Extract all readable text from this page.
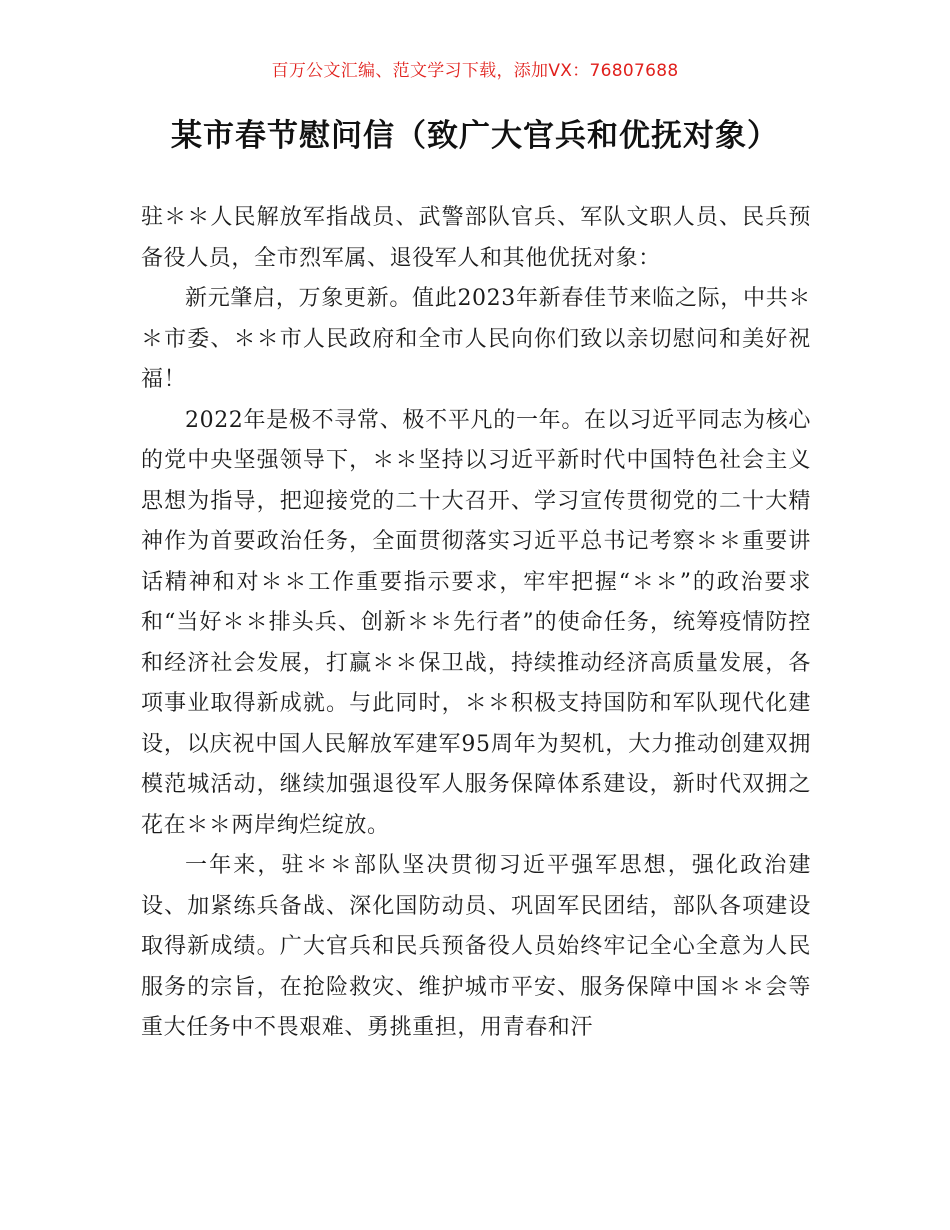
百万公文汇编、范文学习下载，添加VX：76807688
某市春节慰问信（致广大官兵和优抚对象）

驻＊＊人民解放军指战员、武警部队官兵、军队文职人员、民兵预备役人员，全市烈军属、退役军人和其他优抚对象：

新元肇启，万象更新。值此2023年新春佳节来临之际，中共＊＊市委、＊＊市人民政府和全市人民向你们致以亲切慰问和美好祝福！

2022年是极不寻常、极不平凡的一年。在以习近平同志为核心的党中央坚强领导下，＊＊坚持以习近平新时代中国特色社会主义思想为指导，把迎接党的二十大召开、学习宣传贯彻党的二十大精神作为首要政治任务，全面贯彻落实习近平总书记考察＊＊重要讲话精神和对＊＊工作重要指示要求，牢牢把握“＊＊”的政治要求和“当好＊＊排头兵、创新＊＊先行者”的使命任务，统筹疫情防控和经济社会发展，打赢＊＊保卫战，持续推动经济高质量发展，各项事业取得新成就。与此同时，＊＊积极支持国防和军队现代化建设，以庆祝中国人民解放军建军95周年为契机，大力推动创建双拥模范城活动，继续加强退役军人服务保障体系建设，新时代双拥之花在＊＊两岸绚烂绽放。

一年来，驻＊＊部队坚决贯彻习近平强军思想，强化政治建设、加紧练兵备战、深化国防动员、巩固军民团结，部队各项建设取得新成绩。广大官兵和民兵预备役人员始终牢记全心全意为人民服务的宗旨，在抢险救灾、维护城市平安、服务保障中国＊＊会等重大任务中不畏艰难、勇挑重担，用青春和汗
